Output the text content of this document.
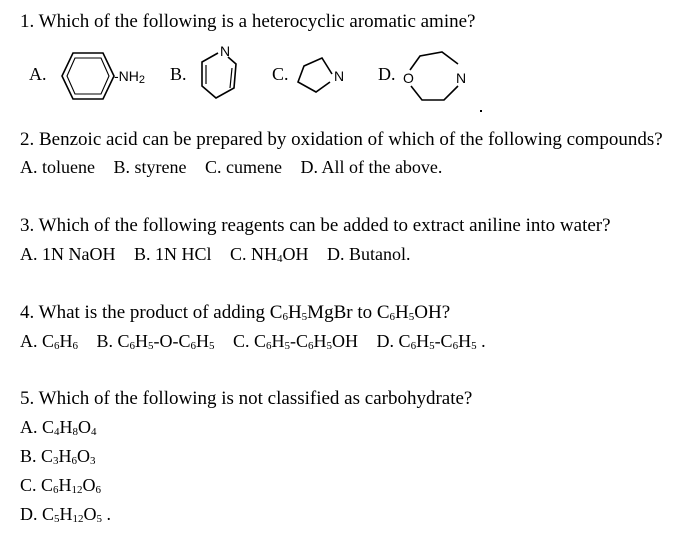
1. Which of the following is a heterocyclic aromatic amine?
A.	-NH2 B.
N
C.	N D. O	N
2. Benzoic acid can be prepared by oxidation of which of the following compounds?
A. toluene B. styrene C. cumene D. All of the above.
3. Which of the following reagents can be added to extract aniline into water?
A. 1N NaOH B. 1N HCl C. NH4OH D. Butanol.
4. What is the product of adding C6H5MgBr to C6H5OH?
A. C6H6 B. C6H5-O-C6H5 C. C6H5-C6H5OH D. C6H5-C6H5 .
5. Which of the following is not classified as carbohydrate?
A. C4H8O4
B. C3H6O3
C. C6H12O6
D. C5H12O5 .
